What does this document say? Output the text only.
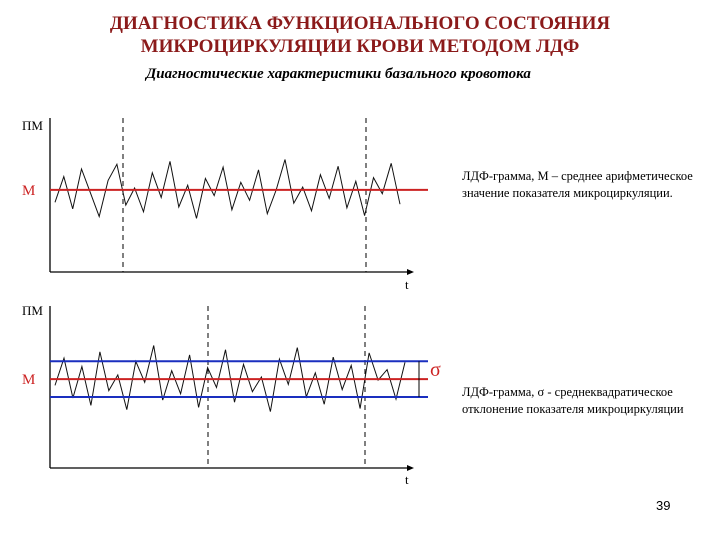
ДИАГНОСТИКА ФУНКЦИОНАЛЬНОГО СОСТОЯНИЯ
МИКРОЦИРКУЛЯЦИИ КРОВИ МЕТОДОМ ЛДФ
Диагностические характеристики базального кровотока
ПМ
t
M
ПМ
t
M	σ
ЛДФ-грамма, М – среднее арифметическое значение показателя микроциркуляции.
ЛДФ-грамма, σ - среднеквадратическое
отклонение показателя микроциркуляции
39
